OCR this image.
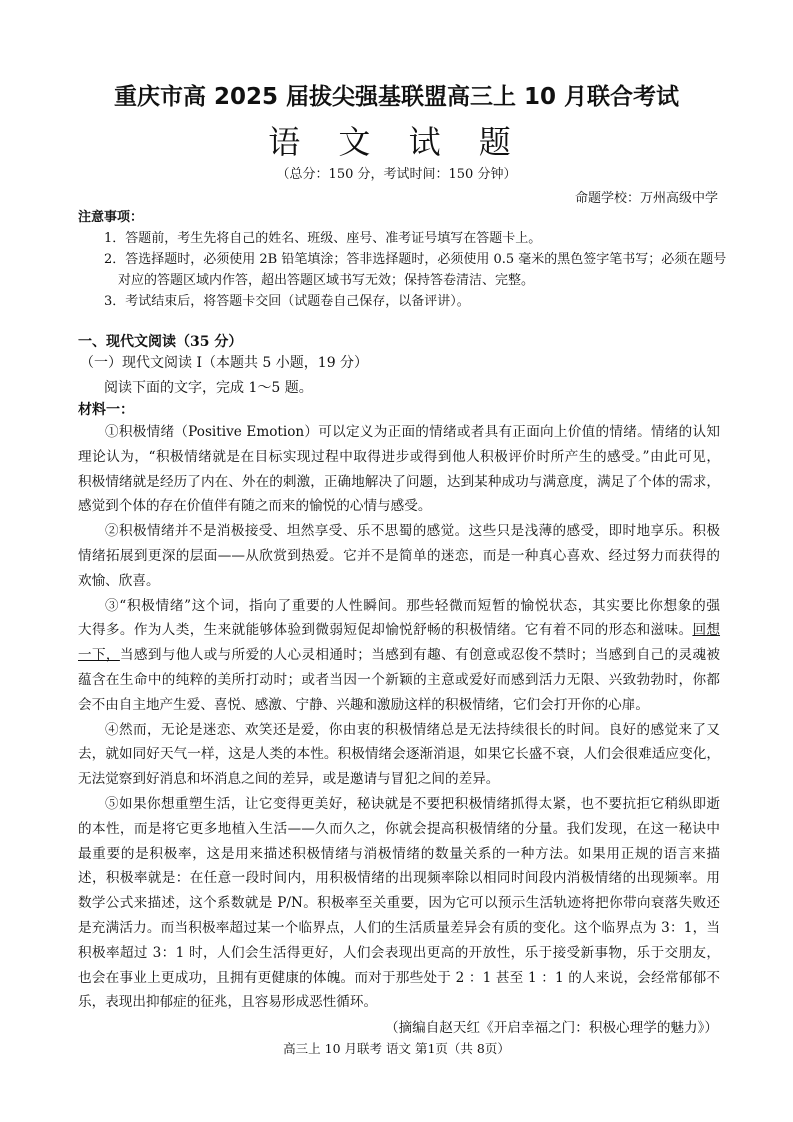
重庆市高 2025 届拔尖强基联盟高三上 10 月联合考试
语 文 试 题
（总分：150 分，考试时间：150 分钟）
命题学校：万州高级中学
注意事项：
1．答题前，考生先将自己的姓名、班级、座号、准考证号填写在答题卡上。
2．答选择题时，必须使用 2B 铅笔填涂；答非选择题时，必须使用 0.5 毫米的黑色签字笔书写；必须在题号
对应的答题区域内作答，超出答题区域书写无效；保持答卷清洁、完整。
3．考试结束后，将答题卡交回（试题卷自己保存，以备评讲）。
一、现代文阅读（35 分）
（一）现代文阅读 I（本题共 5 小题，19 分）
阅读下面的文字，完成 1～5 题。
材料一：
①积极情绪（Positive Emotion）可以定义为正面的情绪或者具有正面向上价值的情绪。情绪的认知
理论认为，“积极情绪就是在目标实现过程中取得进步或得到他人积极评价时所产生的感受。”由此可见，
积极情绪就是经历了内在、外在的刺激，正确地解决了问题，达到某种成功与满意度，满足了个体的需求，
感觉到个体的存在价值伴有随之而来的愉悦的心情与感受。
②积极情绪并不是消极接受、坦然享受、乐不思蜀的感觉。这些只是浅薄的感受，即时地享乐。积极
情绪拓展到更深的层面——从欣赏到热爱。它并不是简单的迷恋，而是一种真心喜欢、经过努力而获得的
欢愉、欣喜。
③“积极情绪”这个词，指向了重要的人性瞬间。那些轻微而短暂的愉悦状态，其实要比你想象的强
大得多。作为人类，生来就能够体验到微弱短促却愉悦舒畅的积极情绪。它有着不同的形态和滋味。回想
一下，当感到与他人或与所爱的人心灵相通时；当感到有趣、有创意或忍俊不禁时；当感到自己的灵魂被
蕴含在生命中的纯粹的美所打动时；或者当因一个新颖的主意或爱好而感到活力无限、兴致勃勃时，你都
会不由自主地产生爱、喜悦、感激、宁静、兴趣和激励这样的积极情绪，它们会打开你的心扉。
④然而，无论是迷恋、欢笑还是爱，你由衷的积极情绪总是无法持续很长的时间。良好的感觉来了又
去，就如同好天气一样，这是人类的本性。积极情绪会逐渐消退，如果它长盛不衰，人们会很难适应变化，
无法觉察到好消息和坏消息之间的差异，或是邀请与冒犯之间的差异。
⑤如果你想重塑生活，让它变得更美好，秘诀就是不要把积极情绪抓得太紧，也不要抗拒它稍纵即逝
的本性，而是将它更多地植入生活——久而久之，你就会提高积极情绪的分量。我们发现，在这一秘诀中
最重要的是积极率，这是用来描述积极情绪与消极情绪的数量关系的一种方法。如果用正规的语言来描
述，积极率就是：在任意一段时间内，用积极情绪的出现频率除以相同时间段内消极情绪的出现频率。用
数学公式来描述，这个系数就是 P/N。积极率至关重要，因为它可以预示生活轨迹将把你带向衰落失败还
是充满活力。而当积极率超过某一个临界点，人们的生活质量差异会有质的变化。这个临界点为 3：1，当
积极率超过 3：1 时，人们会生活得更好，人们会表现出更高的开放性，乐于接受新事物，乐于交朋友，
也会在事业上更成功，且拥有更健康的体魄。而对于那些处于 2 ：1 甚至 1 ：1 的人来说，会经常郁郁不
乐，表现出抑郁症的征兆，且容易形成恶性循环。
（摘编自赵天红《开启幸福之门：积极心理学的魅力》）
高三上 10 月联考 语文 第1页（共 8页）
